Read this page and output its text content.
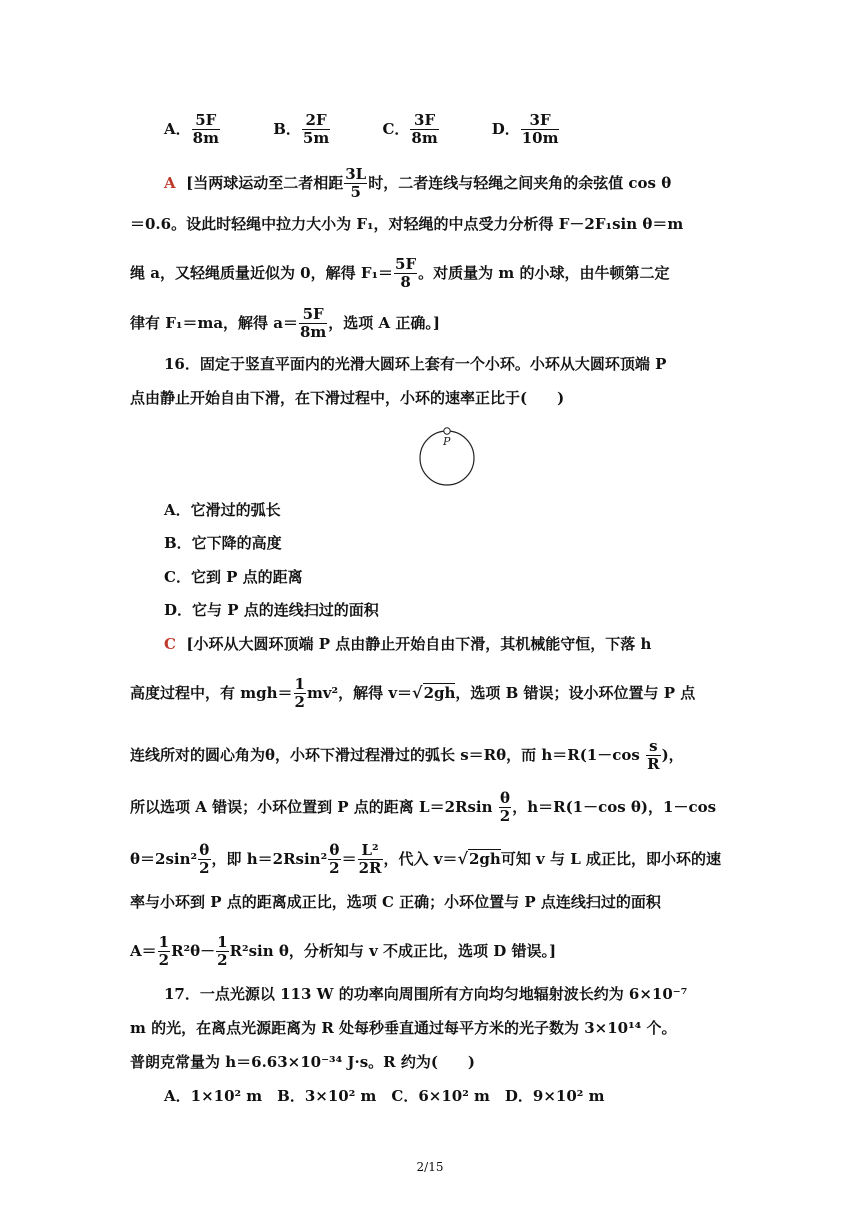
A． $\frac{5F}{8m}$	B． $\frac{2F}{5m}$	C． $\frac{3F}{8m}$	D． $\frac{3F}{10m}$
A [当两球运动至二者相距 $\frac{3L}{5}$ 时，二者连线与轻绳之间夹角的余弦值 cos θ
＝0.6。设此时轻绳中拉力大小为 F₁，对轻绳的中点受力分析得 F－2F₁sin θ＝m
绳 a，又轻绳质量近似为 0，解得 $F_1= \frac{5F}{8}$ 。对质量为 m 的小球，由牛顿第二定
律有 F₁＝ma，解得 $a= \frac{5F}{8m}$ ，选项 A 正确。]
16．固定于竖直平面内的光滑大圆环上套有一个小环。小环从大圆环顶端 P
点由静止开始自由下滑，在下滑过程中，小环的速率正比于(　　)
P
A．它滑过的弧长
B．它下降的高度
C．它到 P 点的距离
D．它与 P 点的连线扫过的面积
C [小环从大圆环顶端 P 点由静止开始自由下滑，其机械能守恒，下落 h
高度过程中，有 $mgh= \frac{1}{2} mv^2$，解得 v＝√2gh，选项 B 错误；设小环位置与 P 点
连线所对的圆心角为θ，小环下滑过程滑过的弧长 s＝Rθ，而 $h=R(1-\cos \frac{s}{R}$ )，
所以选项 A 错误；小环位置到 P 点的距离 $L=2Rsin \frac{\theta}{2}$ ，h＝R(1－cos θ)，1－cos
$\theta=2\sin^2 \frac{\theta}{2}$ ，即 $h=2Rsin^2 \frac{\theta}{2} = \frac{\text{L²}}{2R}$ ，代入 v＝√2gh可知 v 与 L 成正比，即小环的速
率与小环到 P 点的距离成正比，选项 C 正确；小环位置与 P 点连线扫过的面积
$A= \frac{1}{2} R^2\theta- \frac{1}{2} R^2\sin$ θ，分析知与 v 不成正比，选项 D 错误。]
17．一点光源以 113 W 的功率向周围所有方向均匀地辐射波长约为 6×10⁻⁷
m 的光，在离点光源距离为 R 处每秒垂直通过每平方米的光子数为 3×10¹⁴ 个。
普朗克常量为 h＝6.63×10⁻³⁴ J·s。R 约为(　　)
A．1×10² m　B．3×10² m　C．6×10² m　D．9×10² m
2/15
